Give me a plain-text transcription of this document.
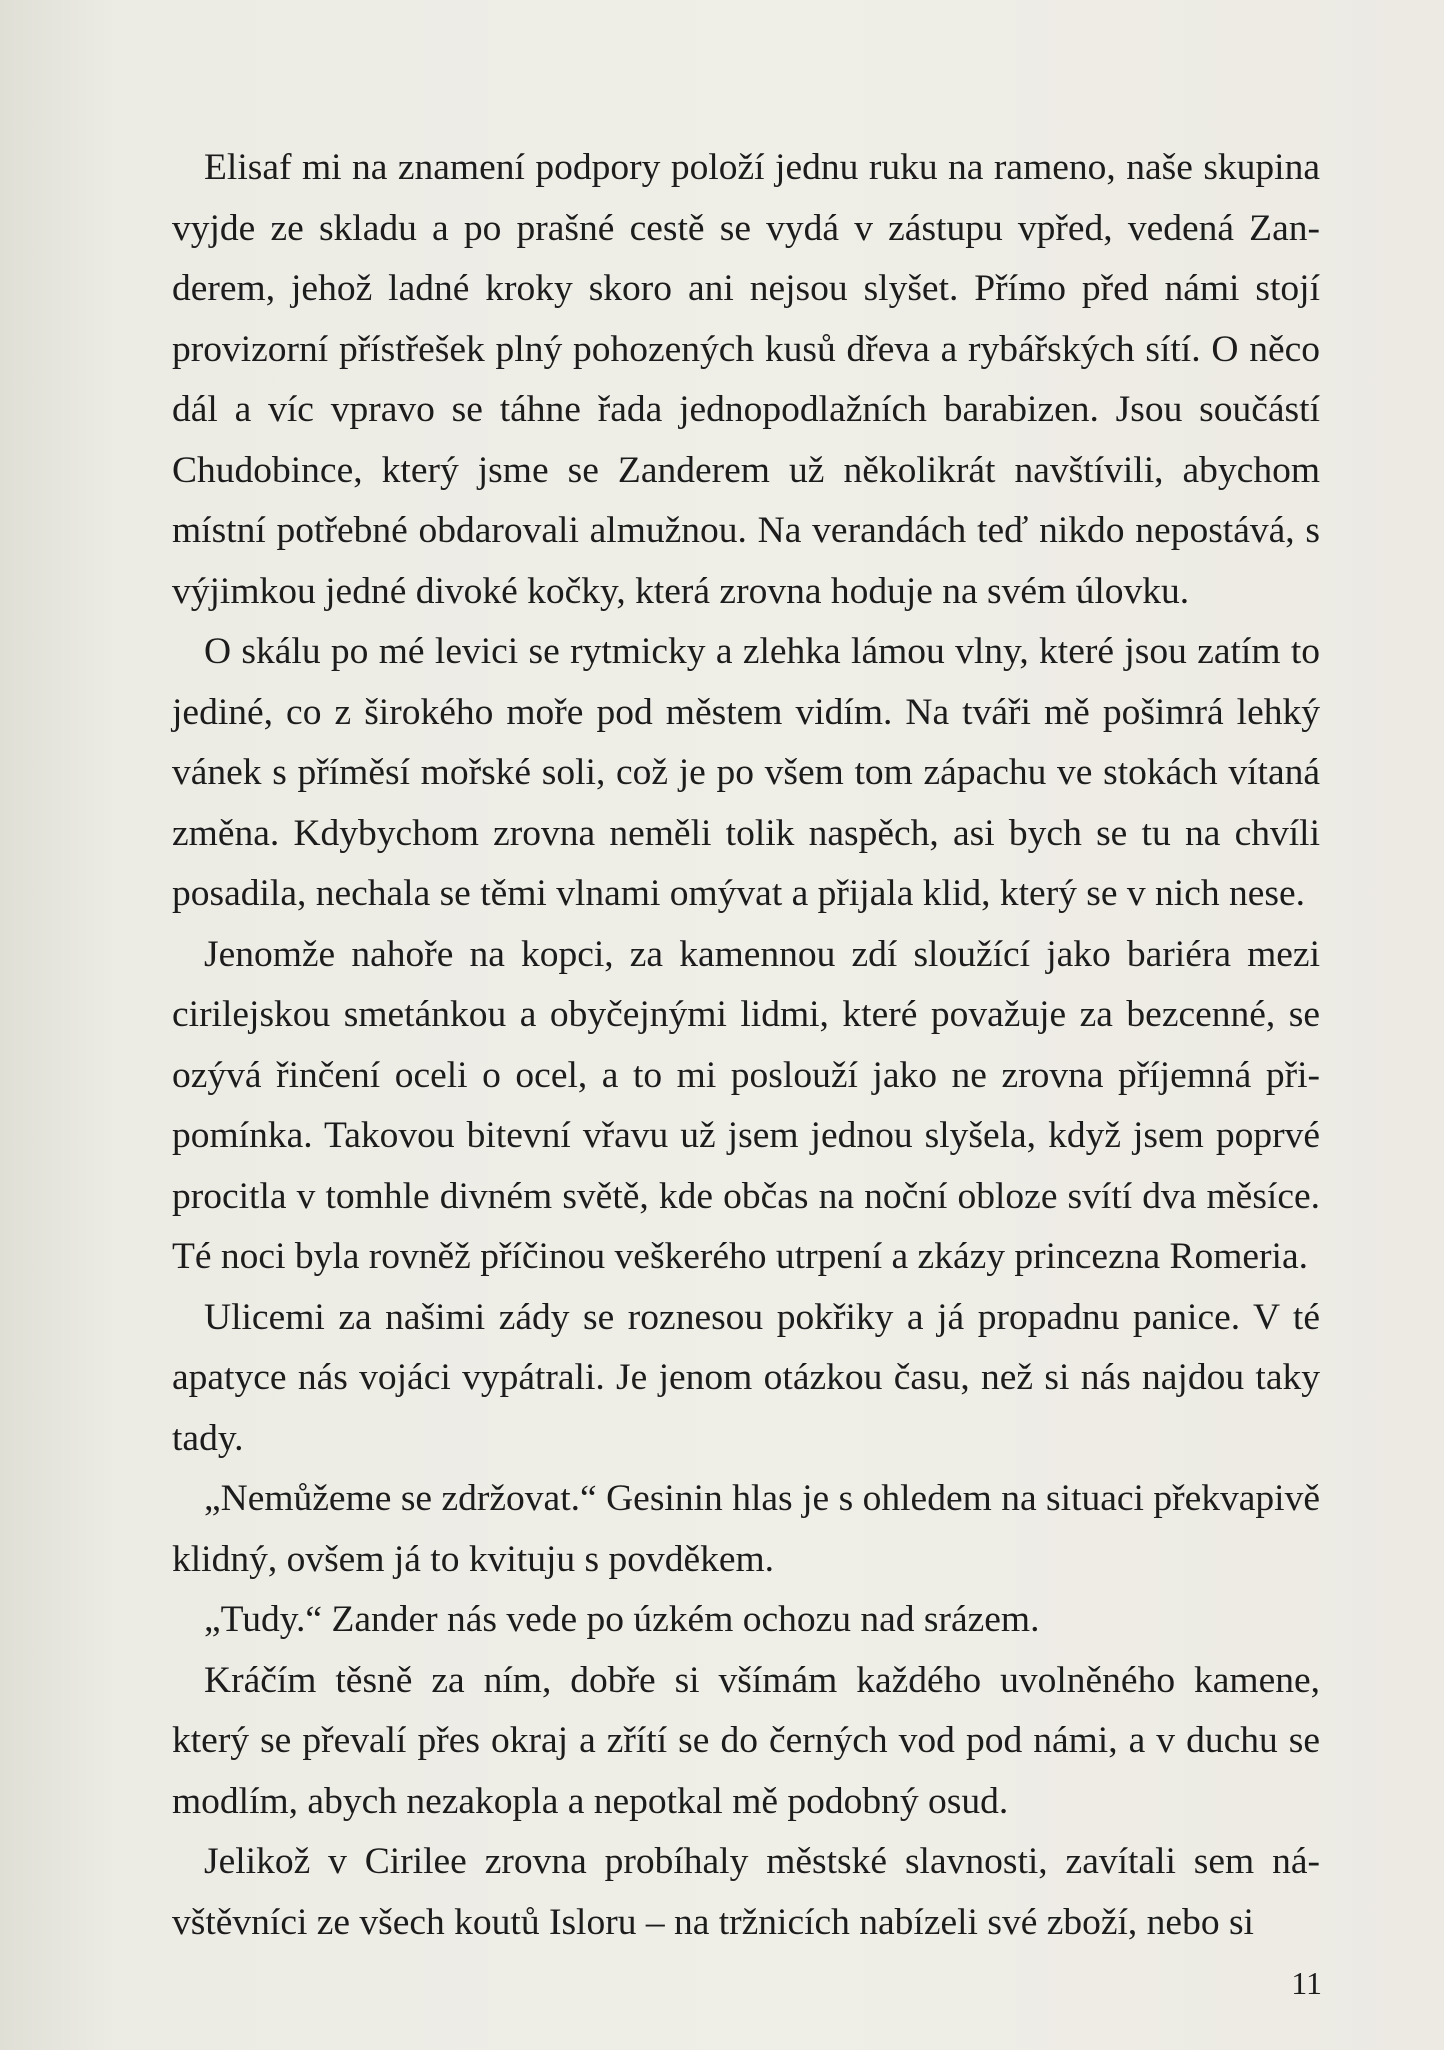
Elisaf mi na znamení podpory položí jednu ruku na rameno, naše skupina vyjde ze skladu a po prašné cestě se vydá v zástupu vpřed, vedená Zanderem, jehož ladné kroky skoro ani nejsou slyšet. Přímo před námi stojí provizorní přístřešek plný pohozených kusů dřeva a rybářských sítí. O něco dál a víc vpravo se táhne řada jednopodlažních barabizen. Jsou součástí Chudobince, který jsme se Zanderem už několikrát navštívili, abychom místní potřebné obdarovali almužnou. Na verandách teď nikdo nepostává, s výjimkou jedné divoké kočky, která zrovna hoduje na svém úlovku.

O skálu po mé levici se rytmicky a zlehka lámou vlny, které jsou zatím to jediné, co z širokého moře pod městem vidím. Na tváři mě pošimrá lehký vánek s příměsí mořské soli, což je po všem tom zápachu ve stokách vítaná změna. Kdybychom zrovna neměli tolik naspěch, asi bych se tu na chvíli posadila, nechala se těmi vlnami omývat a přijala klid, který se v nich nese.

Jenomže nahoře na kopci, za kamennou zdí sloužící jako bariéra mezi cirilejskou smetánkou a obyčejnými lidmi, které považuje za bezcenné, se ozývá řinčení oceli o ocel, a to mi poslouží jako ne zrovna příjemná připomínka. Takovou bitevní vřavu už jsem jednou slyšela, když jsem poprvé procitla v tomhle divném světě, kde občas na noční obloze svítí dva měsíce. Té noci byla rovněž příčinou veškerého utrpení a zkázy princezna Romeria.

Ulicemi za našimi zády se roznesou pokřiky a já propadnu panice. V té apatyce nás vojáci vypátrali. Je jenom otázkou času, než si nás najdou taky tady.

„Nemůžeme se zdržovat.“ Gesinin hlas je s ohledem na situaci překvapivě klidný, ovšem já to kvituju s povděkem.

„Tudy.“ Zander nás vede po úzkém ochozu nad srázem.

Kráčím těsně za ním, dobře si všímám každého uvolněného kamene, který se převalí přes okraj a zřítí se do černých vod pod námi, a v duchu se modlím, abych nezakopla a nepotkal mě podobný osud.

Jelikož v Cirilee zrovna probíhaly městské slavnosti, zavítali sem návštěvníci ze všech koutů Isloru – na tržnicích nabízeli své zboží, nebo si

11
